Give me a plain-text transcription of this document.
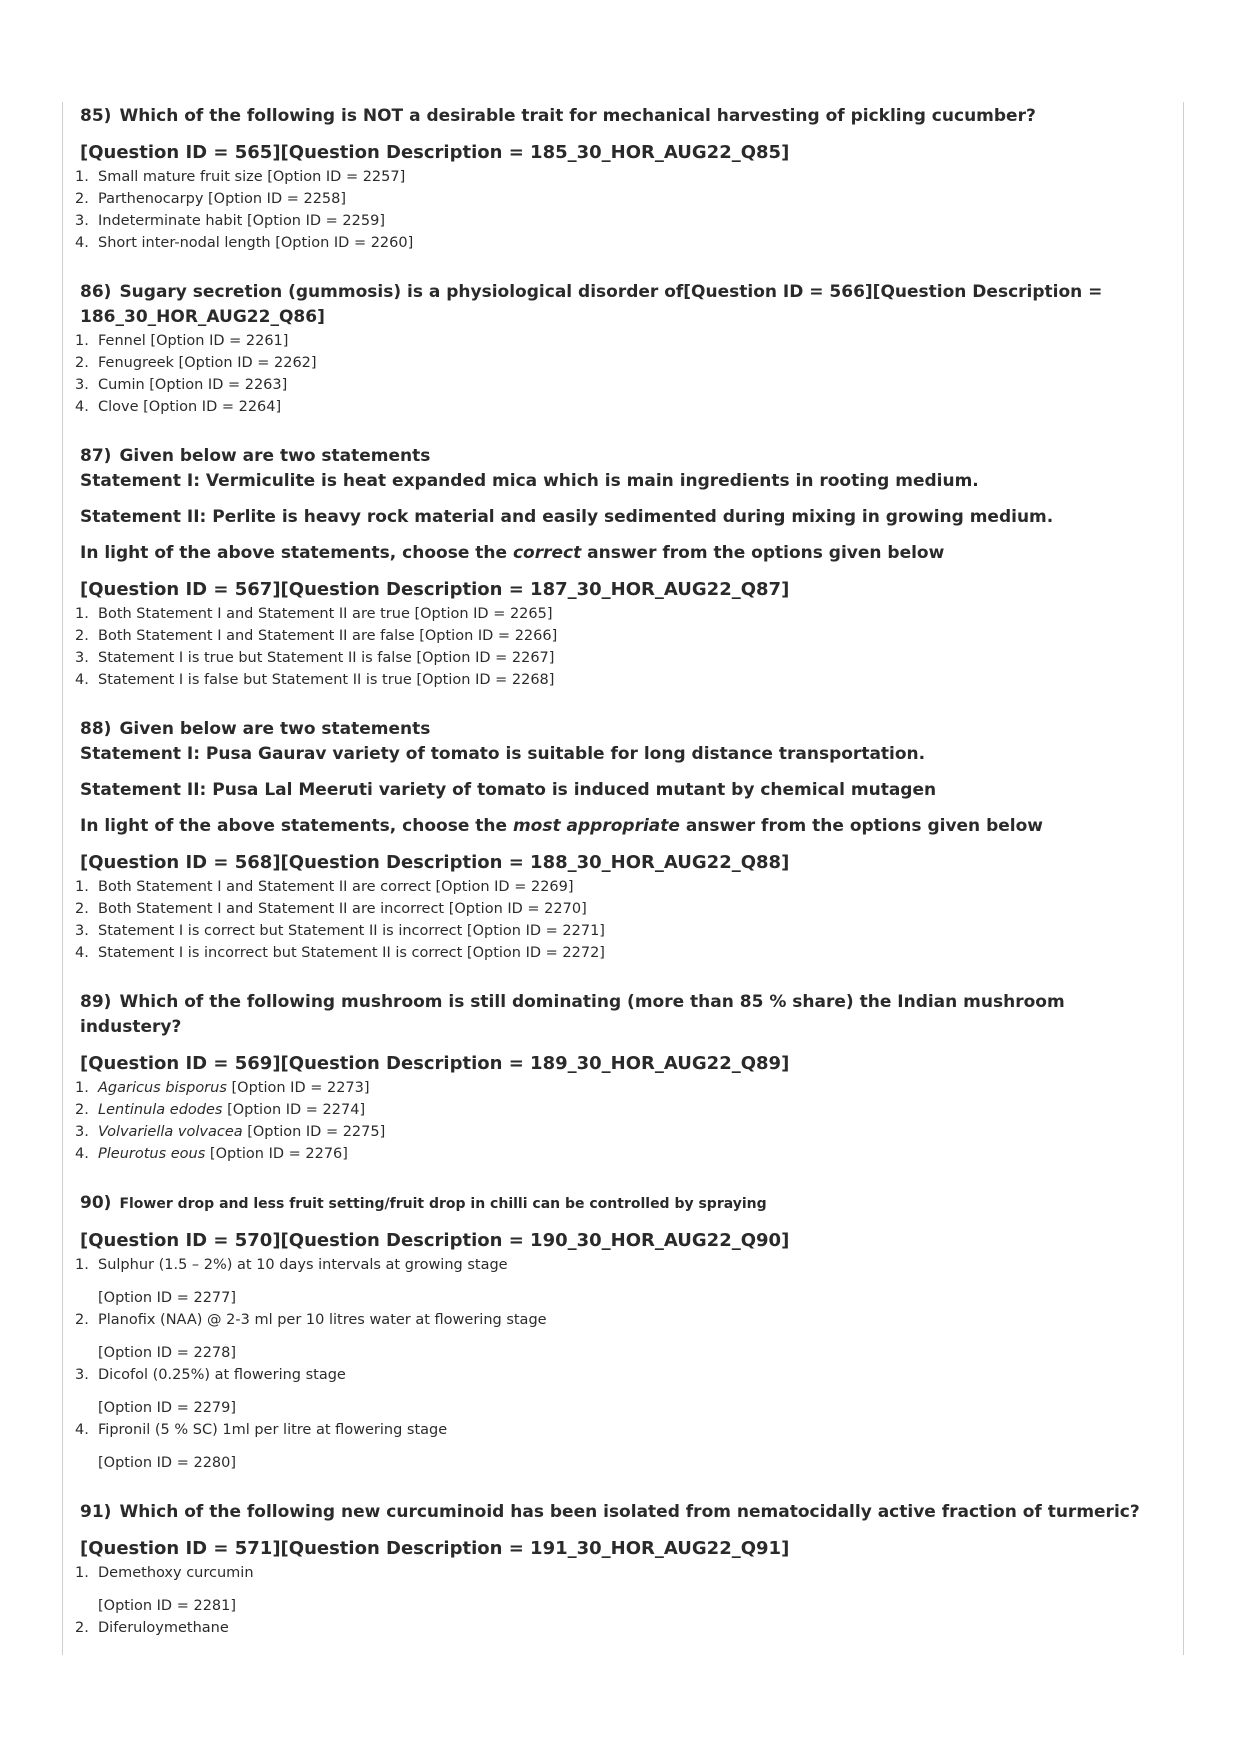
85) Which of the following is NOT a desirable trait for mechanical harvesting of pickling cucumber?

[Question ID = 565][Question Description = 185_30_HOR_AUG22_Q85]

1. Small mature fruit size [Option ID = 2257]
2. Parthenocarpy [Option ID = 2258]
3. Indeterminate habit [Option ID = 2259]
4. Short inter-nodal length [Option ID = 2260]

86) Sugary secretion (gummosis) is a physiological disorder of[Question ID = 566][Question Description = 186_30_HOR_AUG22_Q86]

1. Fennel [Option ID = 2261]
2. Fenugreek [Option ID = 2262]
3. Cumin [Option ID = 2263]
4. Clove [Option ID = 2264]

87) Given below are two statements

Statement I: Vermiculite is heat expanded mica which is main ingredients in rooting medium.

Statement II: Perlite is heavy rock material and easily sedimented during mixing in growing medium.

In light of the above statements, choose the correct answer from the options given below

[Question ID = 567][Question Description = 187_30_HOR_AUG22_Q87]

1. Both Statement I and Statement II are true [Option ID = 2265]
2. Both Statement I and Statement II are false [Option ID = 2266]
3. Statement I is true but Statement II is false [Option ID = 2267]
4. Statement I is false but Statement II is true [Option ID = 2268]

88) Given below are two statements

Statement I: Pusa Gaurav variety of tomato is suitable for long distance transportation.

Statement II: Pusa Lal Meeruti variety of tomato is induced mutant by chemical mutagen

In light of the above statements, choose the most appropriate answer from the options given below

[Question ID = 568][Question Description = 188_30_HOR_AUG22_Q88]

1. Both Statement I and Statement II are correct [Option ID = 2269]
2. Both Statement I and Statement II are incorrect [Option ID = 2270]
3. Statement I is correct but Statement II is incorrect [Option ID = 2271]
4. Statement I is incorrect but Statement II is correct [Option ID = 2272]

89) Which of the following mushroom is still dominating (more than 85 % share) the Indian mushroom industery?

[Question ID = 569][Question Description = 189_30_HOR_AUG22_Q89]

1. Agaricus bisporus [Option ID = 2273]
2. Lentinula edodes [Option ID = 2274]
3. Volvariella volvacea [Option ID = 2275]
4. Pleurotus eous [Option ID = 2276]

90) Flower drop and less fruit setting/fruit drop in chilli can be controlled by spraying

[Question ID = 570][Question Description = 190_30_HOR_AUG22_Q90]

1. Sulphur (1.5 – 2%) at 10 days intervals at growing stage
[Option ID = 2277]
2. Planofix (NAA) @ 2-3 ml per 10 litres water at flowering stage
[Option ID = 2278]
3. Dicofol (0.25%) at flowering stage
[Option ID = 2279]
4. Fipronil (5 % SC) 1ml per litre at flowering stage
[Option ID = 2280]

91) Which of the following new curcuminoid has been isolated from nematocidally active fraction of turmeric?

[Question ID = 571][Question Description = 191_30_HOR_AUG22_Q91]

1. Demethoxy curcumin
[Option ID = 2281]
2. Diferuloymethane
